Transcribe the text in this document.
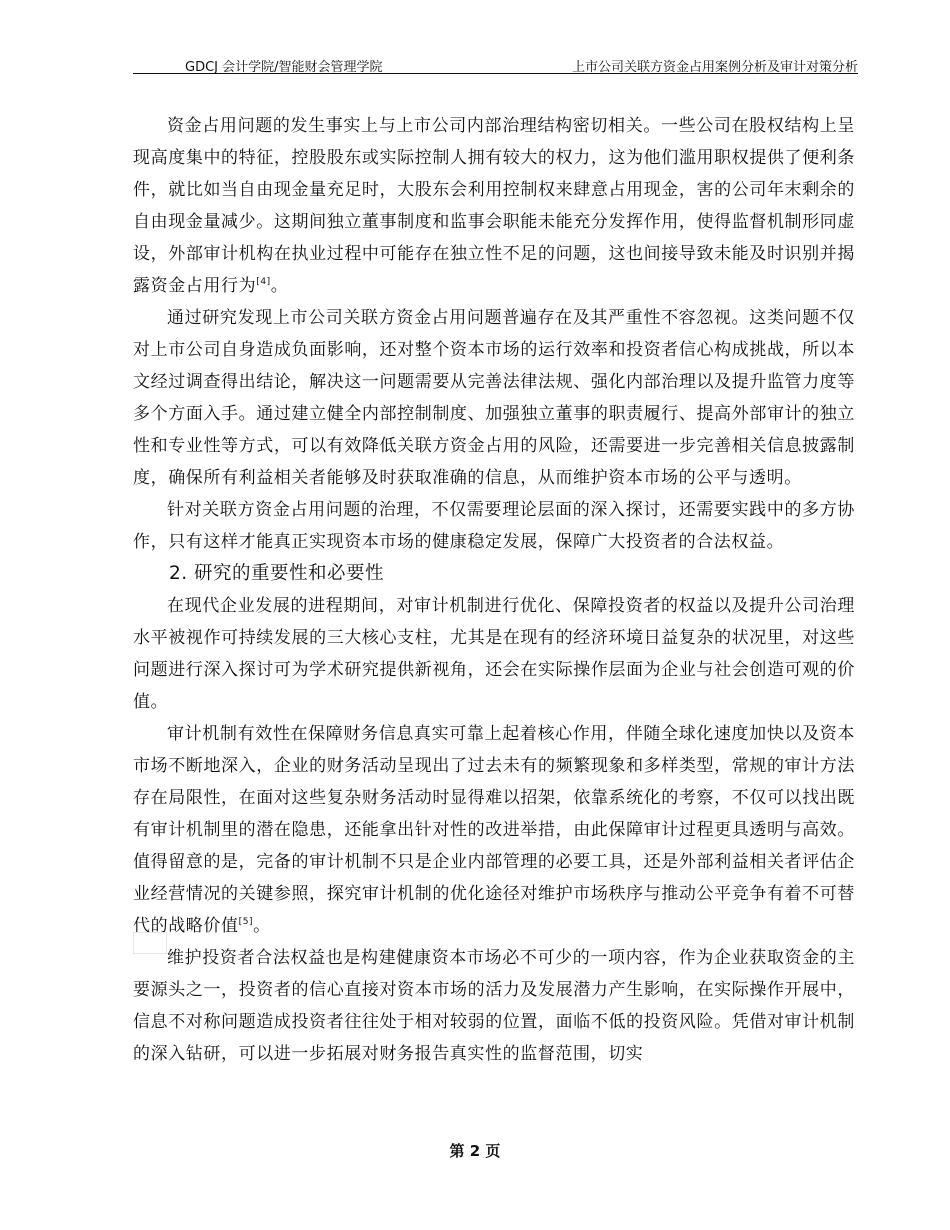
GDCJ 会计学院/智能财会管理学院	上市公司关联方资金占用案例分析及审计对策分析

资金占用问题的发生事实上与上市公司内部治理结构密切相关。一些公司在股权结构上呈现高度集中的特征，控股股东或实际控制人拥有较大的权力，这为他们滥用职权提供了便利条件，就比如当自由现金量充足时，大股东会利用控制权来肆意占用现金，害的公司年末剩余的自由现金量减少。这期间独立董事制度和监事会职能未能充分发挥作用，使得监督机制形同虚设，外部审计机构在执业过程中可能存在独立性不足的问题，这也间接导致未能及时识别并揭露资金占用行为[4]。

通过研究发现上市公司关联方资金占用问题普遍存在及其严重性不容忽视。这类问题不仅对上市公司自身造成负面影响，还对整个资本市场的运行效率和投资者信心构成挑战，所以本文经过调查得出结论，解决这一问题需要从完善法律法规、强化内部治理以及提升监管力度等多个方面入手。通过建立健全内部控制制度、加强独立董事的职责履行、提高外部审计的独立性和专业性等方式，可以有效降低关联方资金占用的风险，还需要进一步完善相关信息披露制度，确保所有利益相关者能够及时获取准确的信息，从而维护资本市场的公平与透明。

针对关联方资金占用问题的治理，不仅需要理论层面的深入探讨，还需要实践中的多方协作，只有这样才能真正实现资本市场的健康稳定发展，保障广大投资者的合法权益。

2. 研究的重要性和必要性

在现代企业发展的进程期间，对审计机制进行优化、保障投资者的权益以及提升公司治理水平被视作可持续发展的三大核心支柱，尤其是在现有的经济环境日益复杂的状况里，对这些问题进行深入探讨可为学术研究提供新视角，还会在实际操作层面为企业与社会创造可观的价值。

审计机制有效性在保障财务信息真实可靠上起着核心作用，伴随全球化速度加快以及资本市场不断地深入，企业的财务活动呈现出了过去未有的频繁现象和多样类型，常规的审计方法存在局限性，在面对这些复杂财务活动时显得难以招架，依靠系统化的考察，不仅可以找出既有审计机制里的潜在隐患，还能拿出针对性的改进举措，由此保障审计过程更具透明与高效。值得留意的是，完备的审计机制不只是企业内部管理的必要工具，还是外部利益相关者评估企业经营情况的关键参照，探究审计机制的优化途径对维护市场秩序与推动公平竞争有着不可替代的战略价值[5]。

维护投资者合法权益也是构建健康资本市场必不可少的一项内容，作为企业获取资金的主要源头之一，投资者的信心直接对资本市场的活力及发展潜力产生影响，在实际操作开展中，信息不对称问题造成投资者往往处于相对较弱的位置，面临不低的投资风险。凭借对审计机制的深入钻研，可以进一步拓展对财务报告真实性的监督范围，切实

第 2 页
